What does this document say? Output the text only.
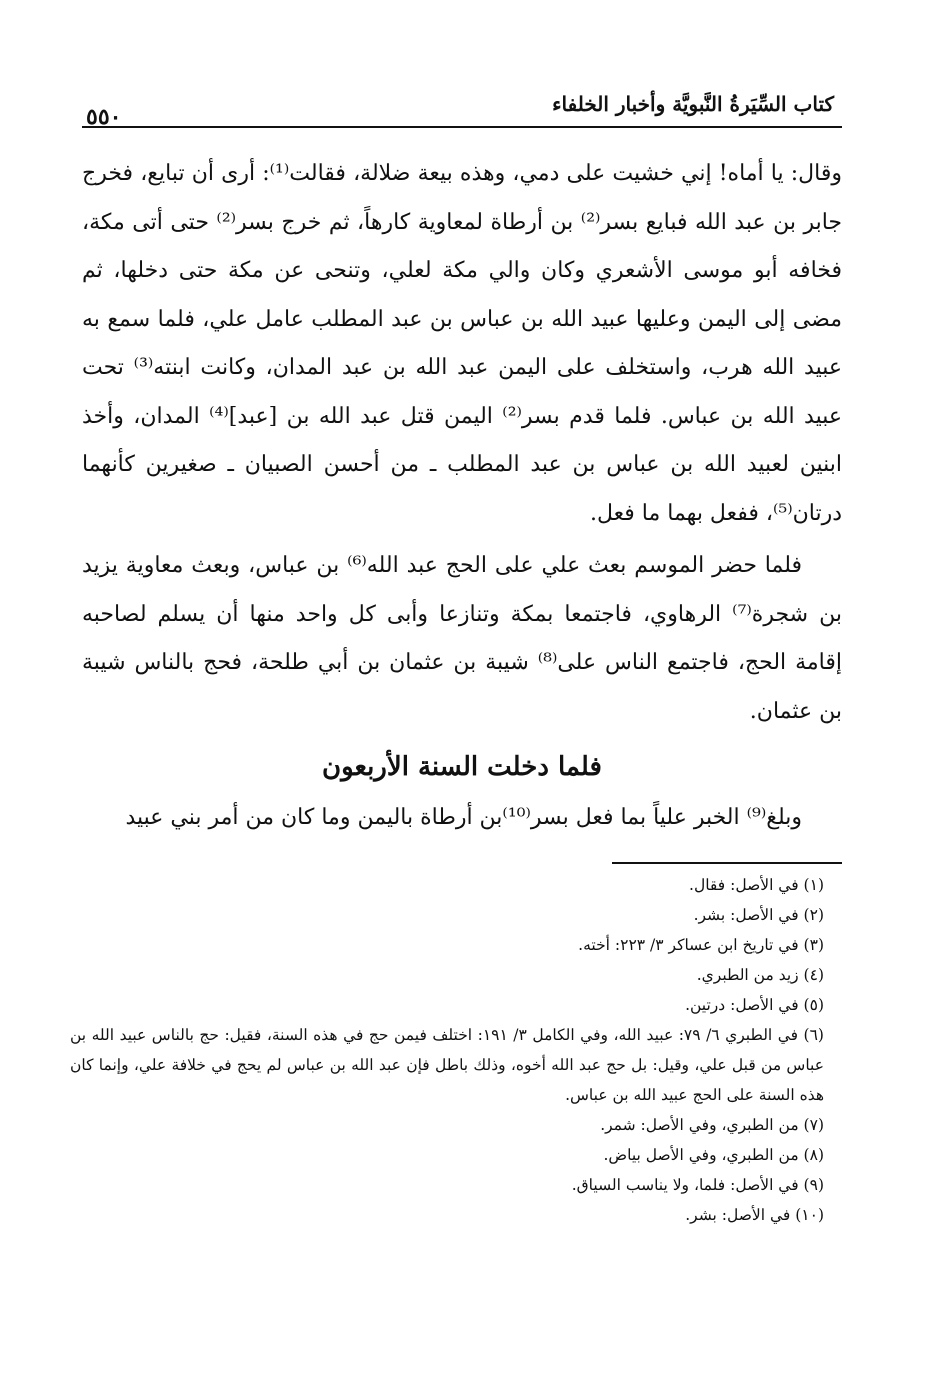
كتاب السِّيَرةُ النَّبويَّة وأخبار الخلفاء
٥٥٠

وقال: يا أماه! إني خشيت على دمي، وهذه بيعة ضلالة، فقالت⁽¹⁾: أرى أن تبايع، فخرج جابر بن عبد الله فبايع بسر⁽²⁾ بن أرطاة لمعاوية كارهاً، ثم خرج بسر⁽²⁾ حتى أتى مكة، فخافه أبو موسى الأشعري وكان والي مكة لعلي، وتنحى عن مكة حتى دخلها، ثم مضى إلى اليمن وعليها عبيد الله بن عباس بن عبد المطلب عامل علي، فلما سمع به عبيد الله هرب، واستخلف على اليمن عبد الله بن عبد المدان، وكانت ابنته⁽³⁾ تحت عبيد الله بن عباس. فلما قدم بسر⁽²⁾ اليمن قتل عبد الله بن [عبد]⁽⁴⁾ المدان، وأخذ ابنين لعبيد الله بن عباس بن عبد المطلب ـ من أحسن الصبيان ـ صغيرين كأنهما درتان⁽⁵⁾، ففعل بهما ما فعل.

فلما حضر الموسم بعث علي على الحج عبد الله⁽⁶⁾ بن عباس، وبعث معاوية يزيد بن شجرة⁽⁷⁾ الرهاوي، فاجتمعا بمكة وتنازعا وأبى كل واحد منها أن يسلم لصاحبه إقامة الحج، فاجتمع الناس على⁽⁸⁾ شيبة بن عثمان بن أبي طلحة، فحج بالناس شيبة بن عثمان.

فلما دخلت السنة الأربعون
وبلغ⁽⁹⁾ الخبر علياً بما فعل بسر⁽¹⁰⁾بن أرطاة باليمن وما كان من أمر بني عبيد

(١) في الأصل: فقال.

(٢) في الأصل: بشر.

(٣) في تاريخ ابن عساكر ٣/ ٢٢٣: أخته.

(٤) زيد من الطبري.

(٥) في الأصل: درتين.

(٦) في الطبري ٦/ ٧٩: عبيد الله، وفي الكامل ٣/ ١٩١: اختلف فيمن حج في هذه السنة، فقيل: حج بالناس عبيد الله بن عباس من قبل علي، وقيل: بل حج عبد الله أخوه، وذلك باطل فإن عبد الله بن عباس لم يحج في خلافة علي، وإنما كان هذه السنة على الحج عبيد الله بن عباس.

(٧) من الطبري، وفي الأصل: شمر.

(٨) من الطبري، وفي الأصل بياض.

(٩) في الأصل: فلما، ولا يناسب السياق.

(١٠) في الأصل: بشر.
